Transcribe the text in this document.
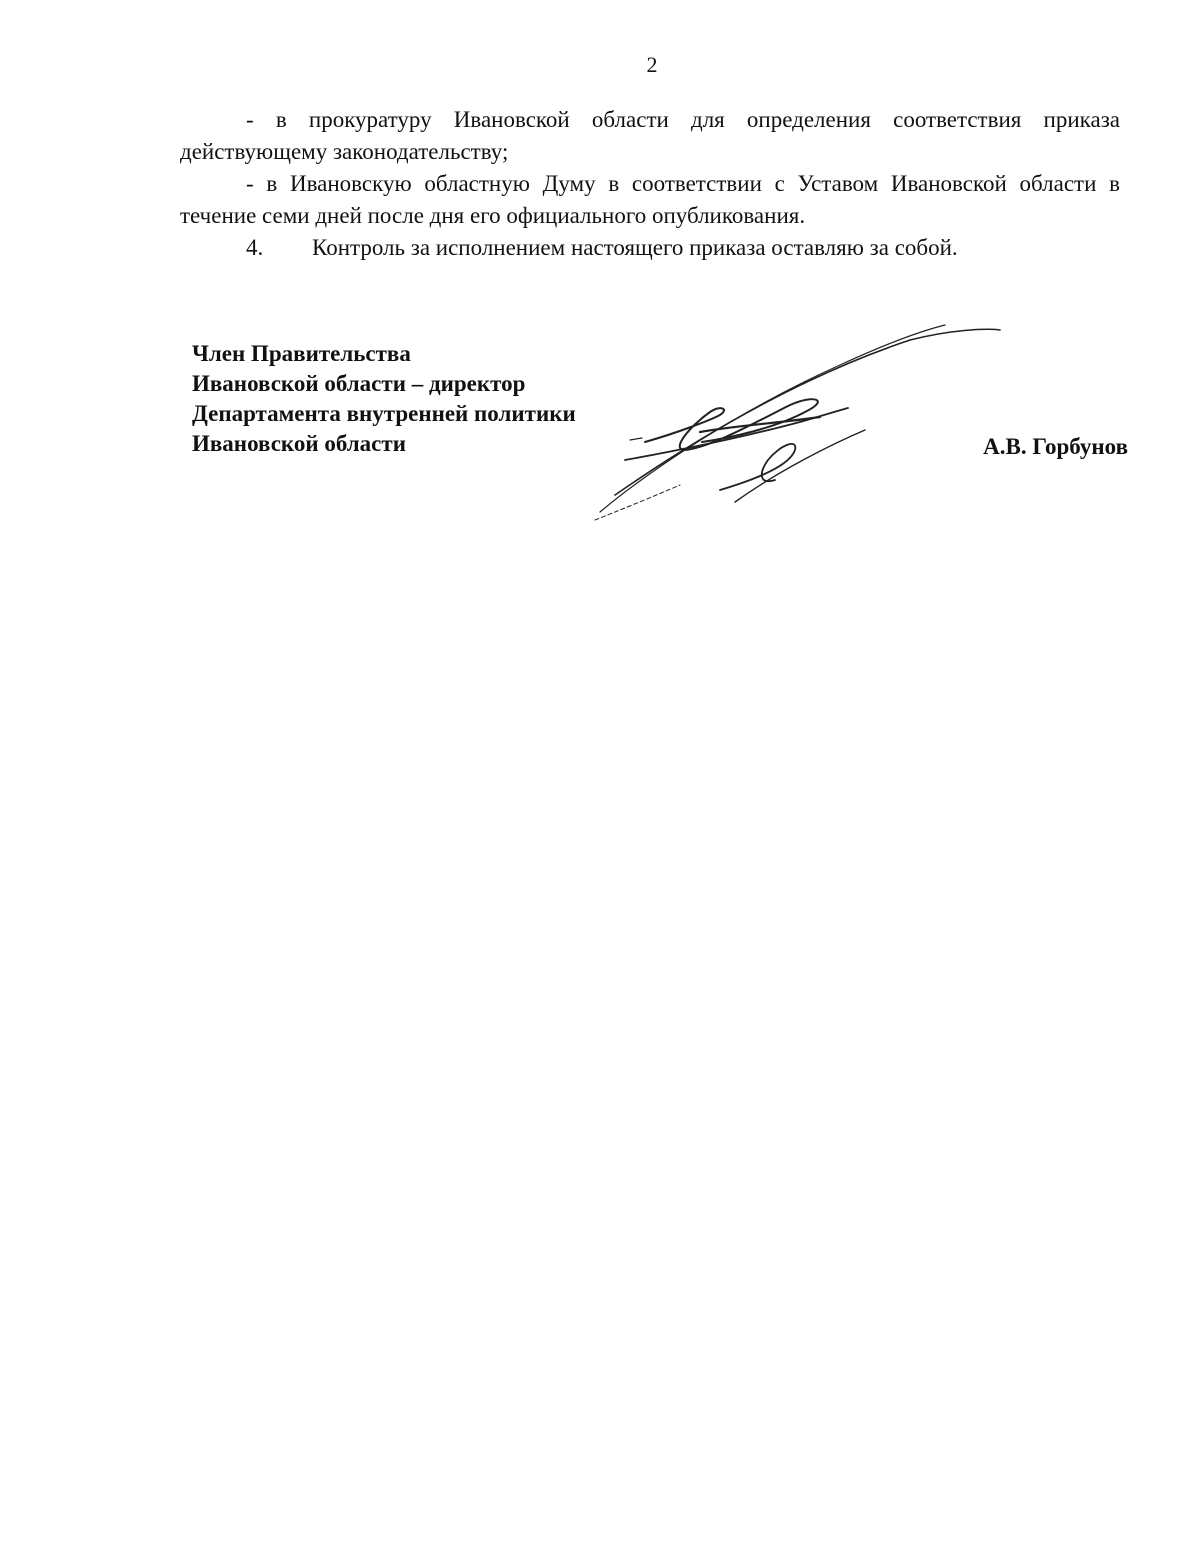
2

- в прокуратуру Ивановской области для определения соответствия приказа действующему законодательству;

- в Ивановскую областную Думу в соответствии с Уставом Ивановской области в течение семи дней после дня его официального опубликования.

4. Контроль за исполнением настоящего приказа оставляю за собой.

Член Правительства
Ивановской области – директор
Департамента внутренней политики
Ивановской области	А.В. Горбунов
